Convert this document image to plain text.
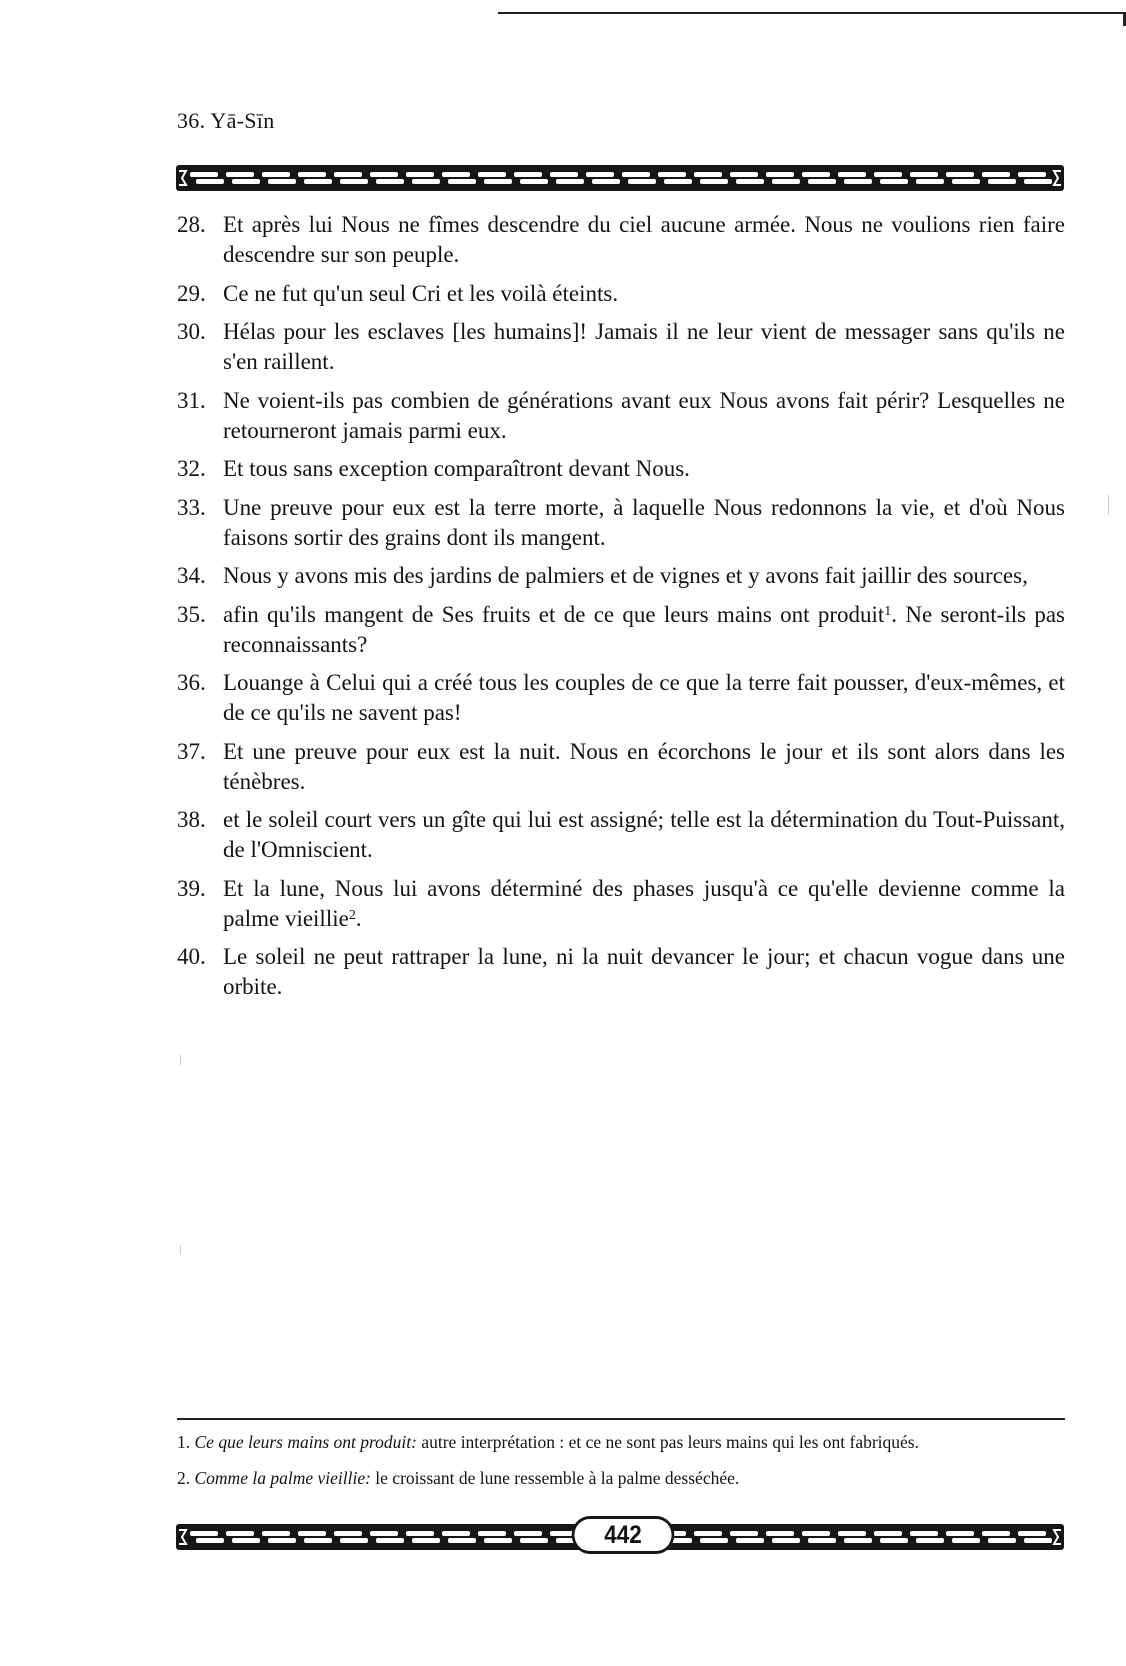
36. Yā-Sīn
28. Et après lui Nous ne fîmes descendre du ciel aucune armée. Nous ne voulions rien faire descendre sur son peuple.
29. Ce ne fut qu'un seul Cri et les voilà éteints.
30. Hélas pour les esclaves [les humains]! Jamais il ne leur vient de messager sans qu'ils ne s'en raillent.
31. Ne voient-ils pas combien de générations avant eux Nous avons fait périr? Lesquelles ne retourneront jamais parmi eux.
32. Et tous sans exception comparaîtront devant Nous.
33. Une preuve pour eux est la terre morte, à laquelle Nous redonnons la vie, et d'où Nous faisons sortir des grains dont ils mangent.
34. Nous y avons mis des jardins de palmiers et de vignes et y avons fait jaillir des sources,
35. afin qu'ils mangent de Ses fruits et de ce que leurs mains ont produit$^1$. Ne seront-ils pas reconnaissants?
36. Louange à Celui qui a créé tous les couples de ce que la terre fait pousser, d'eux-mêmes, et de ce qu'ils ne savent pas!
37. Et une preuve pour eux est la nuit. Nous en écorchons le jour et ils sont alors dans les ténèbres.
38. et le soleil court vers un gîte qui lui est assigné; telle est la détermination du Tout-Puissant, de l'Omniscient.
39. Et la lune, Nous lui avons déterminé des phases jusqu'à ce qu'elle devienne comme la palme vieillie$^2$.
40. Le soleil ne peut rattraper la lune, ni la nuit devancer le jour; et chacun vogue dans une orbite.
1. Ce que leurs mains ont produit: autre interprétation : et ce ne sont pas leurs mains qui les ont fabriqués.
2. Comme la palme vieillie: le croissant de lune ressemble à la palme desséchée.
442
